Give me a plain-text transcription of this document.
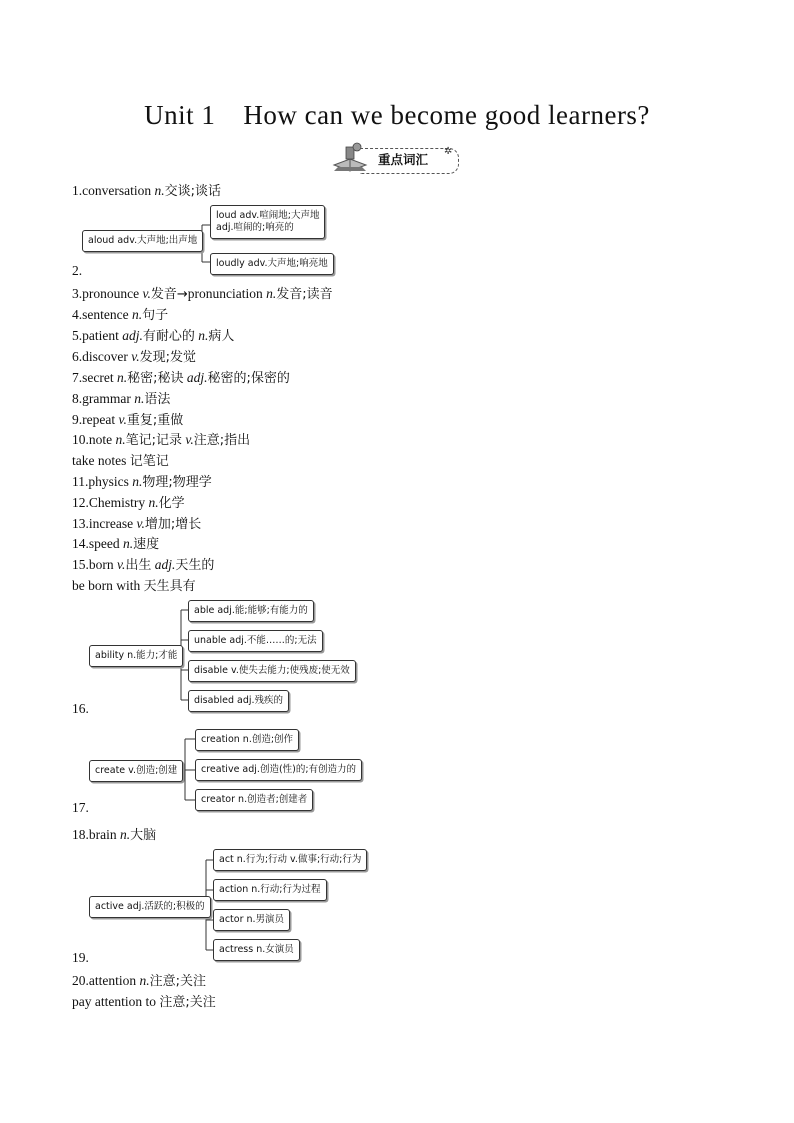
Unit 1 How can we become good learners?
重点词汇
✲
1.conversation n.交谈;谈话
aloud adv.大声地;出声地
loud adv.喧闹地;大声地
adj.喧闹的;响亮的
loudly adv.大声地;响亮地
2.
3.pronounce v.发音→pronunciation n.发音;读音
4.sentence n.句子
5.patient adj.有耐心的 n.病人
6.discover v.发现;发觉
7.secret n.秘密;秘诀 adj.秘密的;保密的
8.grammar n.语法
9.repeat v.重复;重做
10.note n.笔记;记录 v.注意;指出
take notes 记笔记
11.physics n.物理;物理学
12.Chemistry n.化学
13.increase v.增加;增长
14.speed n.速度
15.born v.出生 adj.天生的
be born with 天生具有
ability n.能力;才能
able adj.能;能够;有能力的
unable adj.不能……的;无法
disable v.使失去能力;使残废;使无效
disabled adj.残疾的
16.
create v.创造;创建
creation n.创造;创作
creative adj.创造(性)的;有创造力的
creator n.创造者;创建者
17.
18.brain n.大脑
active adj.活跃的;积极的
act n.行为;行动 v.做事;行动;行为
action n.行动;行为过程
actor n.男演员
actress n.女演员
19.
20.attention n.注意;关注
pay attention to 注意;关注
